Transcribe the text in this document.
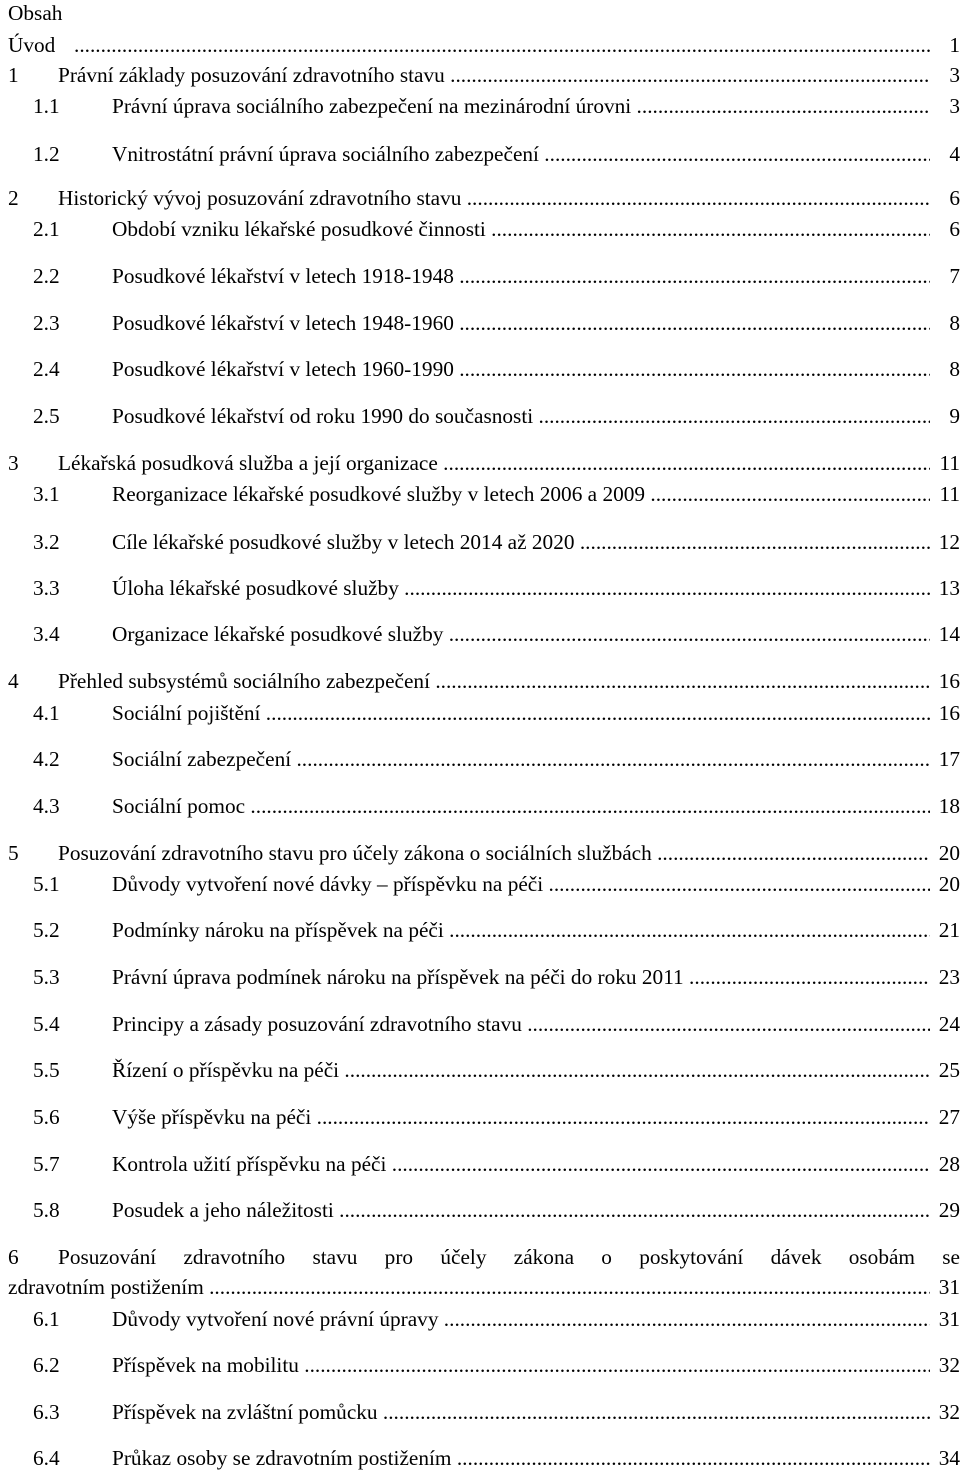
Obsah
Úvod .....	1
1 Právní základy posuzování zdravotního stavu .....	3
1.1 Právní úprava sociálního zabezpečení na mezinárodní úrovni .....	3
1.2 Vnitrostátní právní úprava sociálního zabezpečení .....	4
2 Historický vývoj posuzování zdravotního stavu .....	6
2.1 Období vzniku lékařské posudkové činnosti .....	6
2.2 Posudkové lékařství v letech 1918-1948 .....	7
2.3 Posudkové lékařství v letech 1948-1960 .....	8
2.4 Posudkové lékařství v letech 1960-1990 .....	8
2.5 Posudkové lékařství od roku 1990 do současnosti .....	9
3 Lékařská posudková služba a její organizace .....	11
3.1 Reorganizace lékařské posudkové služby v letech 2006 a 2009 .....	11
3.2 Cíle lékařské posudkové služby v letech 2014 až 2020 .....	12
3.3 Úloha lékařské posudkové služby .....	13
3.4 Organizace lékařské posudkové služby .....	14
4 Přehled subsystémů sociálního zabezpečení .....	16
4.1 Sociální pojištění .....	16
4.2 Sociální zabezpečení .....	17
4.3 Sociální pomoc .....	18
5 Posuzování zdravotního stavu pro účely zákona o sociálních službách .....	20
5.1 Důvody vytvoření nové dávky – příspěvku na péči .....	20
5.2 Podmínky nároku na příspěvek na péči .....	21
5.3 Právní úprava podmínek nároku na příspěvek na péči do roku 2011 .....	23
5.4 Principy a zásady posuzování zdravotního stavu .....	24
5.5 Řízení o příspěvku na péči .....	25
5.6 Výše příspěvku na péči .....	27
5.7 Kontrola užití příspěvku na péči .....	28
5.8 Posudek a jeho náležitosti .....	29
6 Posuzování zdravotního stavu pro účely zákona o poskytování dávek osobám se
zdravotním postižením .....	31
6.1 Důvody vytvoření nové právní úpravy .....	31
6.2 Příspěvek na mobilitu .....	32
6.3 Příspěvek na zvláštní pomůcku .....	32
6.4 Průkaz osoby se zdravotním postižením .....	34
